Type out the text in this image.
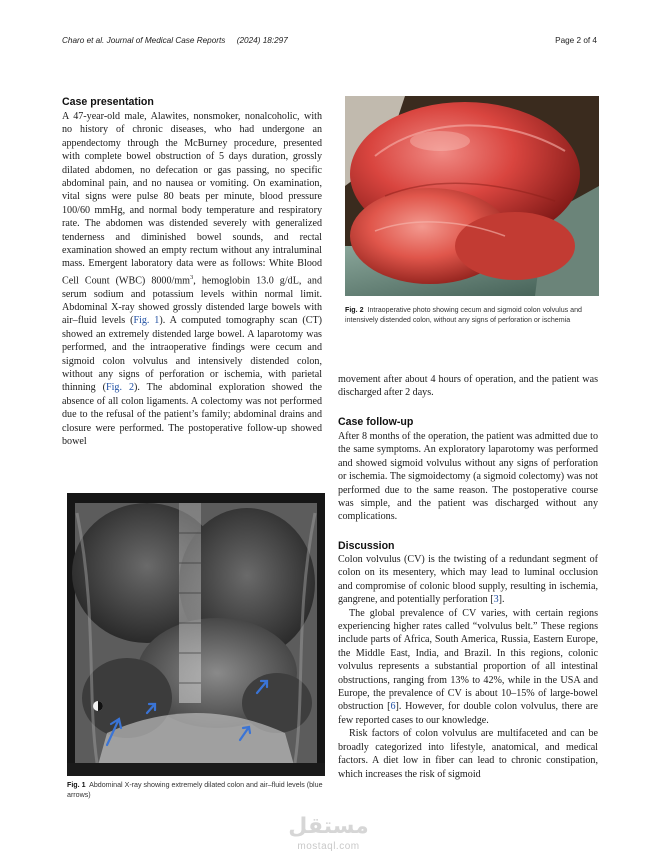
Charo et al. Journal of Medical Case Reports (2024) 18:297	Page 2 of 4
Case presentation

A 47-year-old male, Alawites, nonsmoker, nonalcoholic, with no history of chronic diseases, who had undergone an appendectomy through the McBurney procedure, presented with complete bowel obstruction of 5 days duration, grossly dilated abdomen, no defecation or gas passing, no specific abdominal pain, and no nausea or vomiting. On examination, vital signs were pulse 80 beats per minute, blood pressure 100/60 mmHg, and normal body temperature and respiratory rate. The abdomen was distended severely with generalized tenderness and diminished bowel sounds, and rectal examination showed an empty rectum without any intraluminal mass. Emergent laboratory data were as follows: White Blood Cell Count (WBC) $8000/mm^3$, hemoglobin 13.0 g/dL, and serum sodium and potassium levels within normal limit. Abdominal X-ray showed grossly distended large bowels with air–fluid levels (Fig. 1). A computed tomography scan (CT) showed an extremely distended large bowel. A laparotomy was performed, and the intraoperative findings were cecum and sigmoid colon volvulus and intensively distended colon, without any signs of perforation or ischemia, with parietal thinning (Fig. 2). The abdominal exploration showed the absence of all colon ligaments. A colectomy was not performed due to the refusal of the patient’s family; abdominal drains and closure were performed. The postoperative follow-up showed bowel

Fig. 2 Intraoperative photo showing cecum and sigmoid colon volvulus and intensively distended colon, without any signs of perforation or ischemia
movement after about 4 hours of operation, and the patient was discharged after 2 days.
Case follow-up
After 8 months of the operation, the patient was admitted due to the same symptoms. An exploratory laparotomy was performed and showed sigmoid volvulus without any signs of perforation or ischemia. The sigmoidectomy (a sigmoid colectomy) was not performed due to the same reason. The postoperative course was simple, and the patient was discharged without any complications.
Discussion

Colon volvulus (CV) is the twisting of a redundant segment of colon on its mesentery, which may lead to luminal occlusion and compromise of colonic blood supply, resulting in ischemia, gangrene, and potentially perforation [3].

The global prevalence of CV varies, with certain regions experiencing higher rates called “volvulus belt.” These regions include parts of Africa, South America, Russia, Eastern Europe, the Middle East, India, and Brazil. In this regions, colonic volvulus represents a substantial proportion of all intestinal obstructions, ranging from 13% to 42%, while in the USA and Europe, the prevalence of CV is about 10–15% of large-bowel obstruction [6]. However, for double colon volvulus, there are few reported cases to our knowledge.

Risk factors of colon volvulus are multifaceted and can be broadly categorized into lifestyle, anatomical, and medical factors. A diet low in fiber can lead to chronic constipation, which increases the risk of sigmoid

Fig. 1 Abdominal X-ray showing extremely dilated colon and air–fluid levels (blue arrows)
مستقل
mostaql.com
